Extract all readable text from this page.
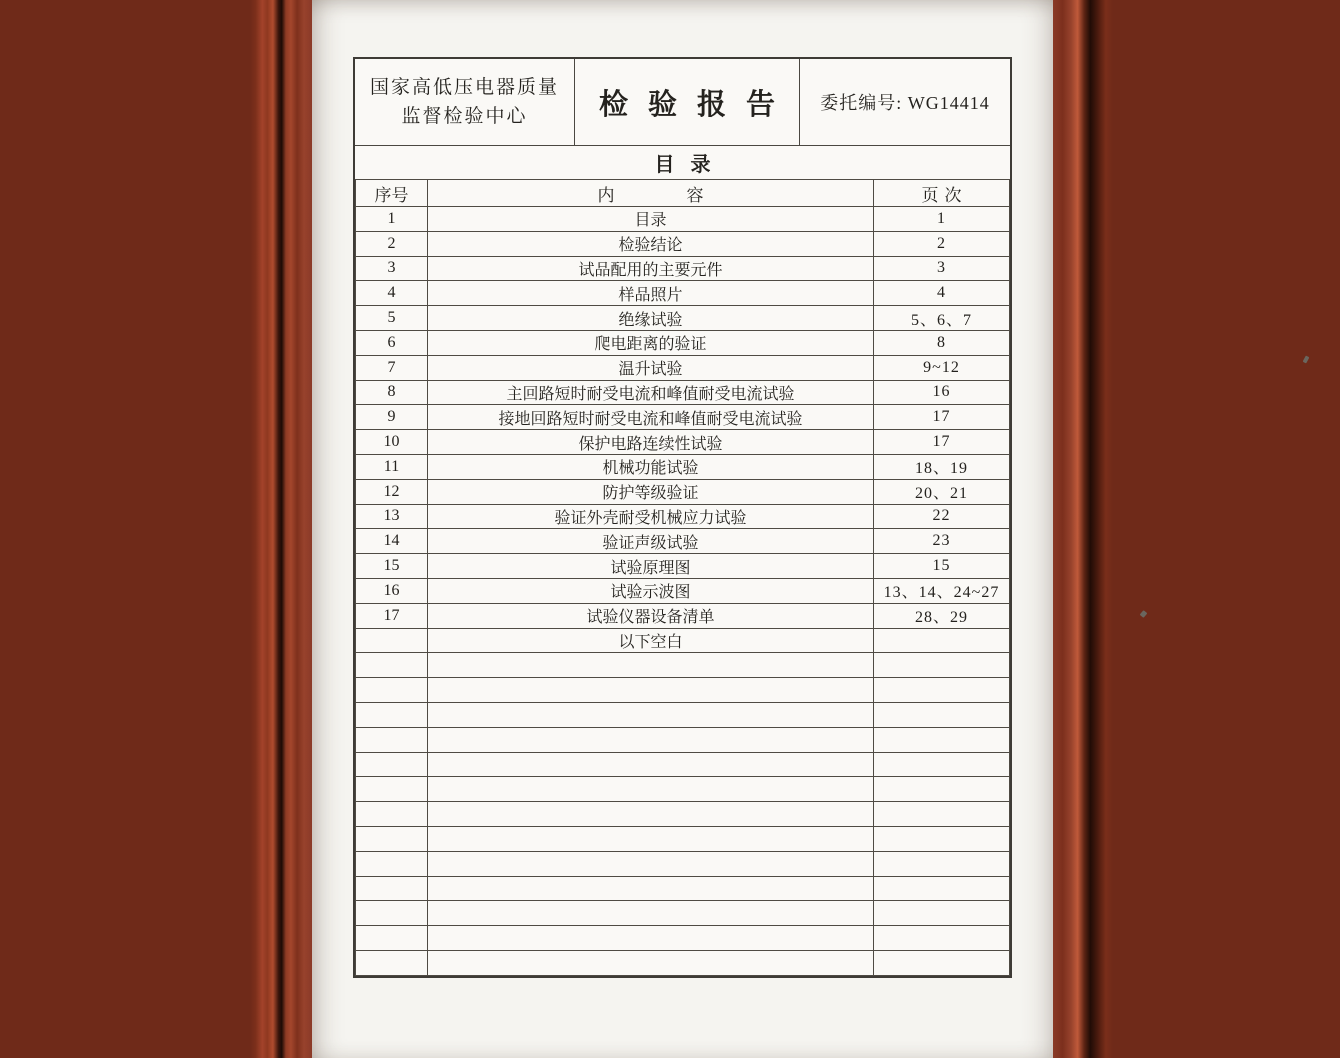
国家高低压电器质量
监督检验中心	检验报告	委托编号: WG14414
目录
序号	内容	页次
1	目录	1
2	检验结论	2
3	试品配用的主要元件	3
4	样品照片	4
5	绝缘试验	5、6、7
6	爬电距离的验证	8
7	温升试验	9~12
8	主回路短时耐受电流和峰值耐受电流试验	16
9	接地回路短时耐受电流和峰值耐受电流试验	17
10	保护电路连续性试验	17
11	机械功能试验	18、19
12	防护等级验证	20、21
13	验证外壳耐受机械应力试验	22
14	验证声级试验	23
15	试验原理图	15
16	试验示波图	13、14、24~27
17	试验仪器设备清单	28、29
	以下空白	
